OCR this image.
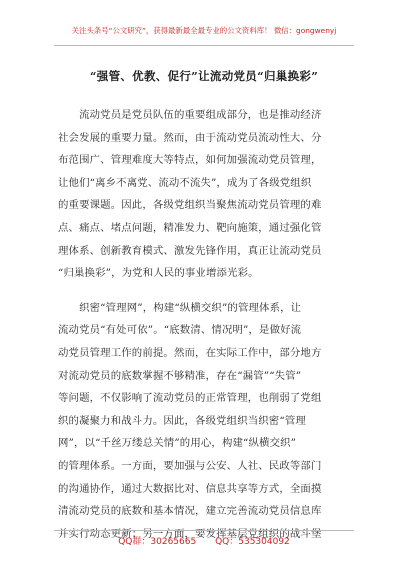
关注头条号“公文研究”，获得最新最全最专业的公文资料库！ 微信：gongwenyj
“强管、优教、促行”让流动党员“归巢换彩”
　　流动党员是党员队伍的重要组成部分，也是推动经济
社会发展的重要力量。然而，由于流动党员流动性大、分
布范围广、管理难度大等特点，如何加强流动党员管理，
让他们“离乡不离党、流动不流失”，成为了各级党组织
的重要课题。因此，各级党组织当聚焦流动党员管理的难
点、痛点、堵点问题，精准发力、靶向施策，通过强化管
理体系、创新教育模式、激发先锋作用，真正让流动党员
“归巢换彩”，为党和人民的事业增添光彩。
　　织密“管理网”，构建“纵横交织”的管理体系，让
流动党员“有处可依”。“底数清、情况明”，是做好流
动党员管理工作的前提。然而，在实际工作中，部分地方
对流动党员的底数掌握不够精准，存在“漏管”“失管”
等问题，不仅影响了流动党员的正常管理，也削弱了党组
织的凝聚力和战斗力。因此，各级党组织当织密“管理
网”，以“千丝万缕总关情”的用心，构建“纵横交织”
的管理体系。一方面，要加强与公安、人社、民政等部门
的沟通协作，通过大数据比对、信息共享等方式，全面摸
清流动党员的底数和基本情况，建立完善流动党员信息库
并实行动态更新；另一方面，要发挥基层党组织的战斗堡
QQ群：30265665 QQ：535304092
